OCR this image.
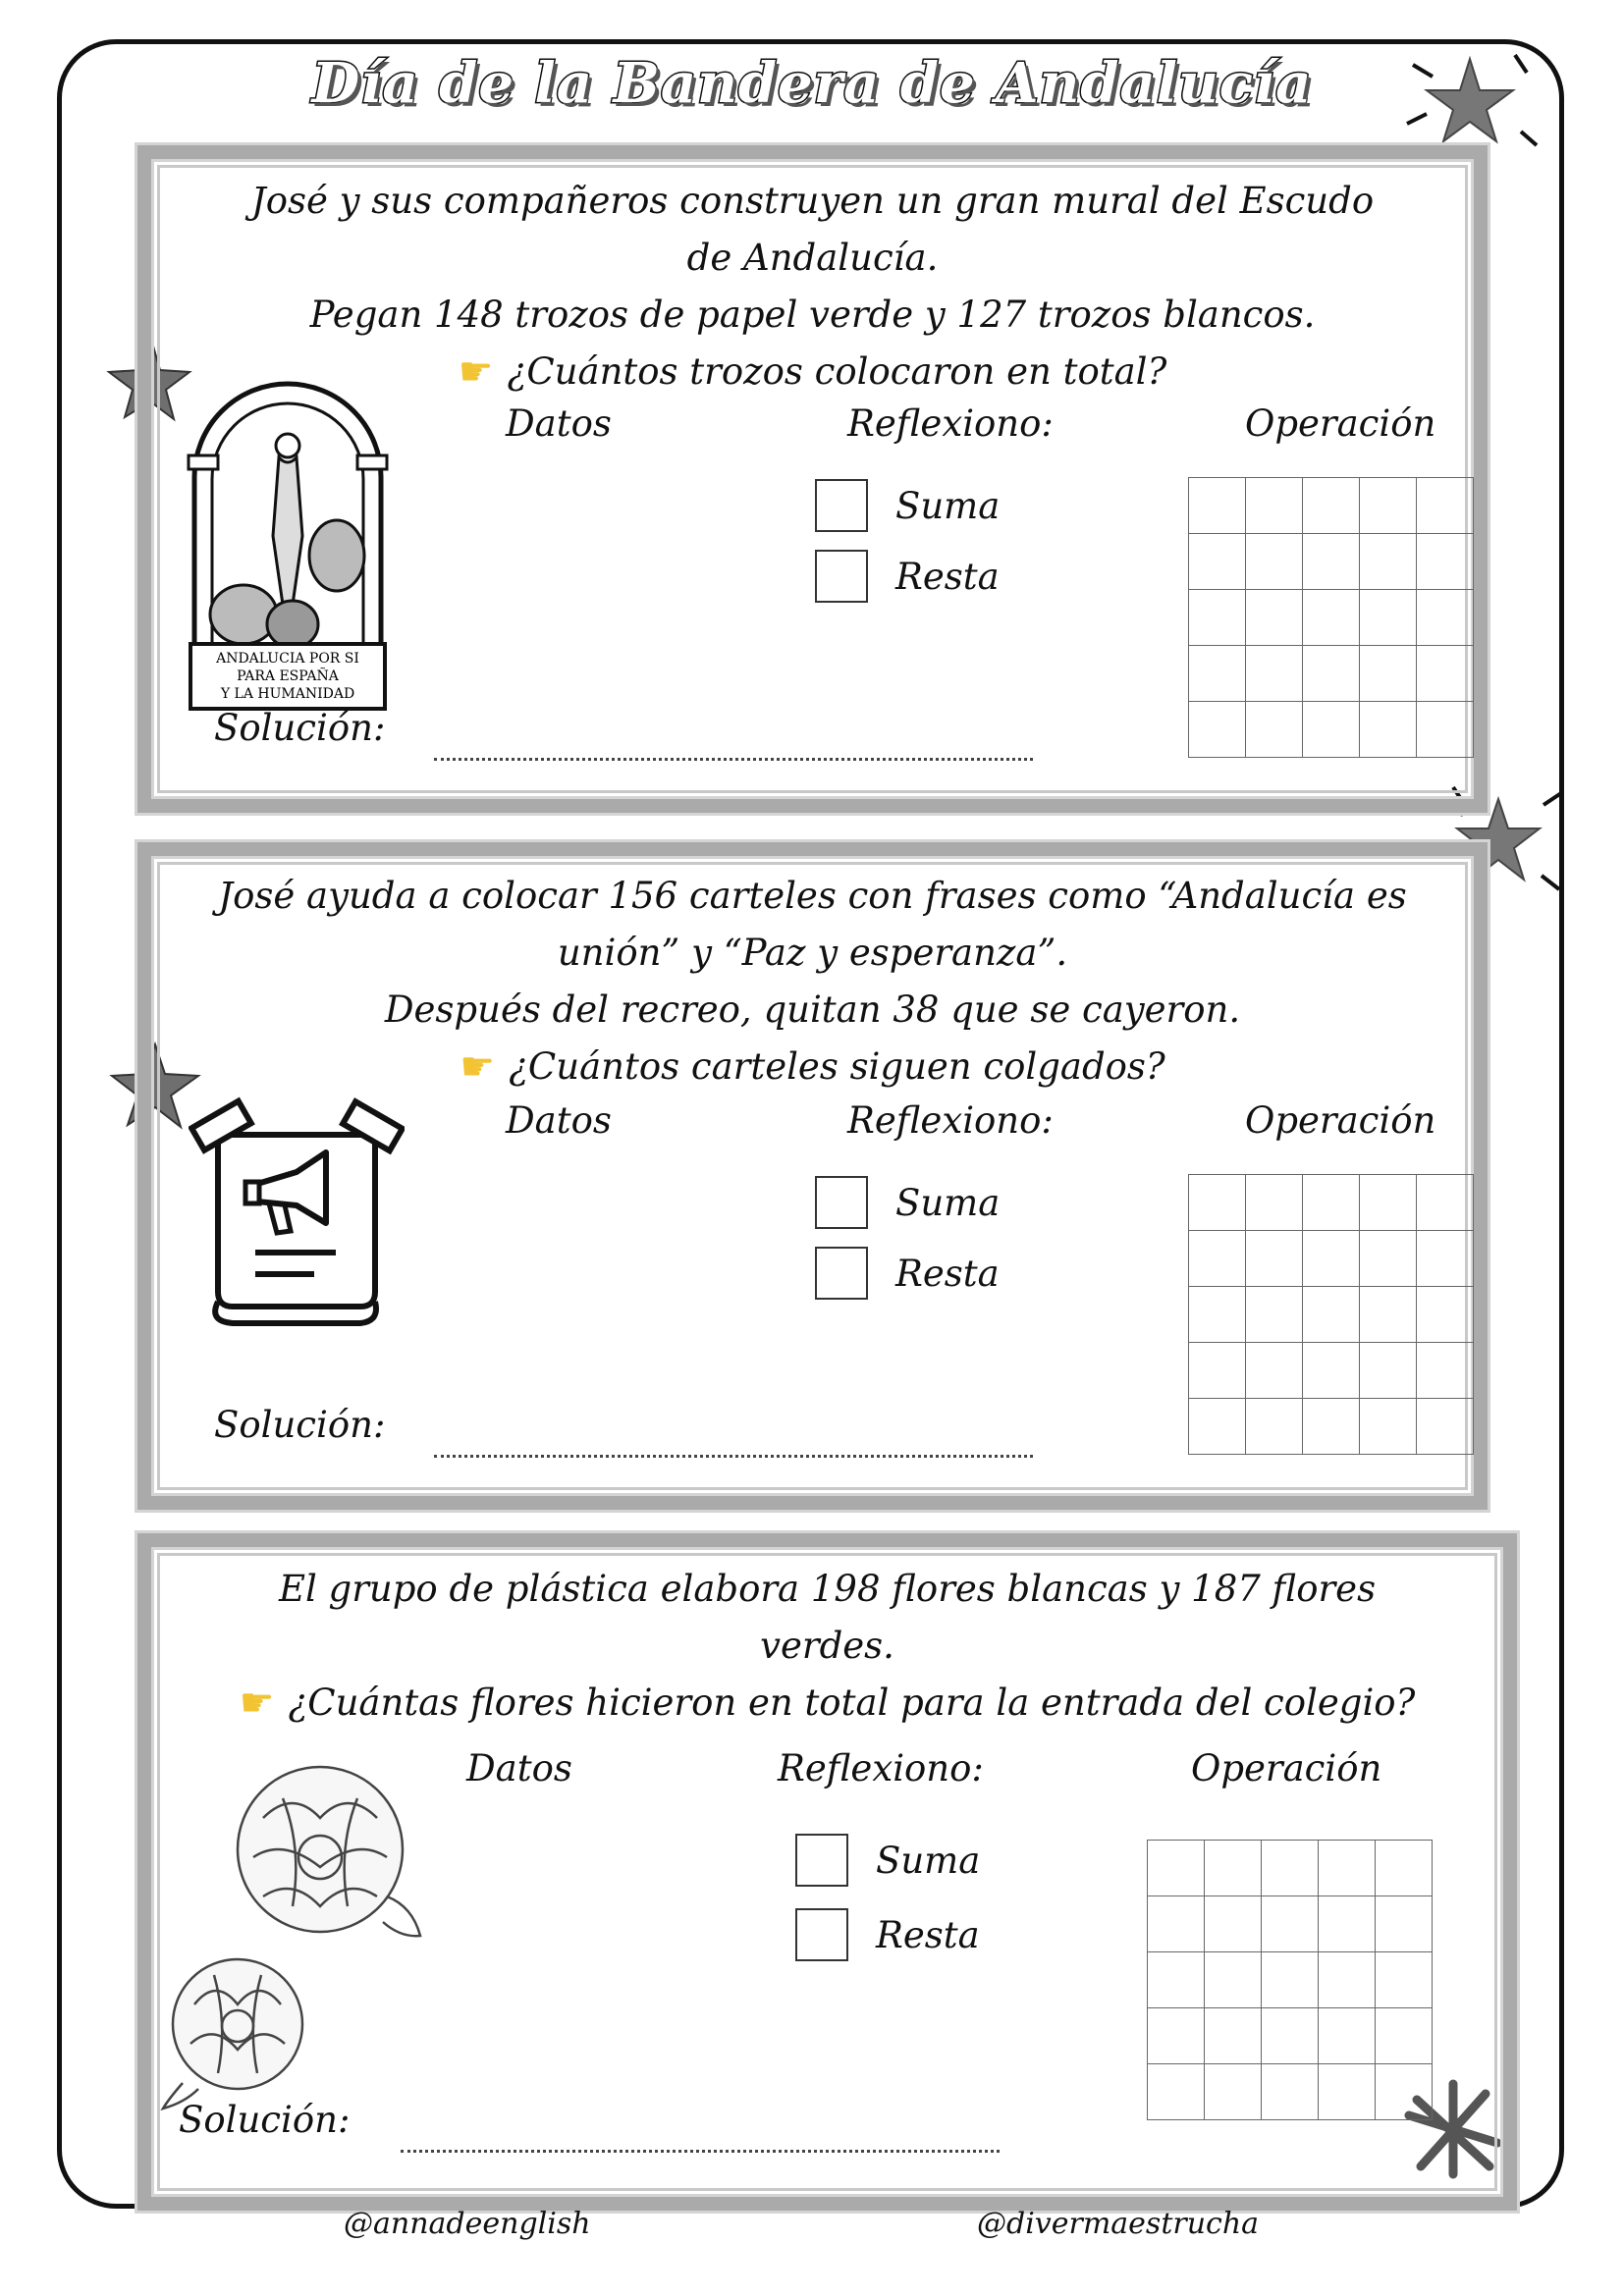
Día de la Bandera de Andalucía

José y sus compañeros construyen un gran mural del Escudo

de Andalucía.

Pegan 148 trozos de papel verde y 127 trozos blancos.

☛ ¿Cuántos trozos colocaron en total?

ANDALUCIA POR SI
PARA ESPAÑA
Y LA HUMANIDAD
Datos	Reflexiono:	Operación
Suma
Resta

Solución:

José ayuda a colocar 156 carteles con frases como “Andalucía es

unión” y “Paz y esperanza”.

Después del recreo, quitan 38 que se cayeron.

☛ ¿Cuántos carteles siguen colgados?

Datos	Reflexiono:	Operación
Suma
Resta

Solución:

El grupo de plástica elabora 198 flores blancas y 187 flores

verdes.

☛ ¿Cuántas flores hicieron en total para la entrada del colegio?

Datos	Reflexiono:	Operación
Suma
Resta

Solución:
@annadeenglish	@divermaestrucha
